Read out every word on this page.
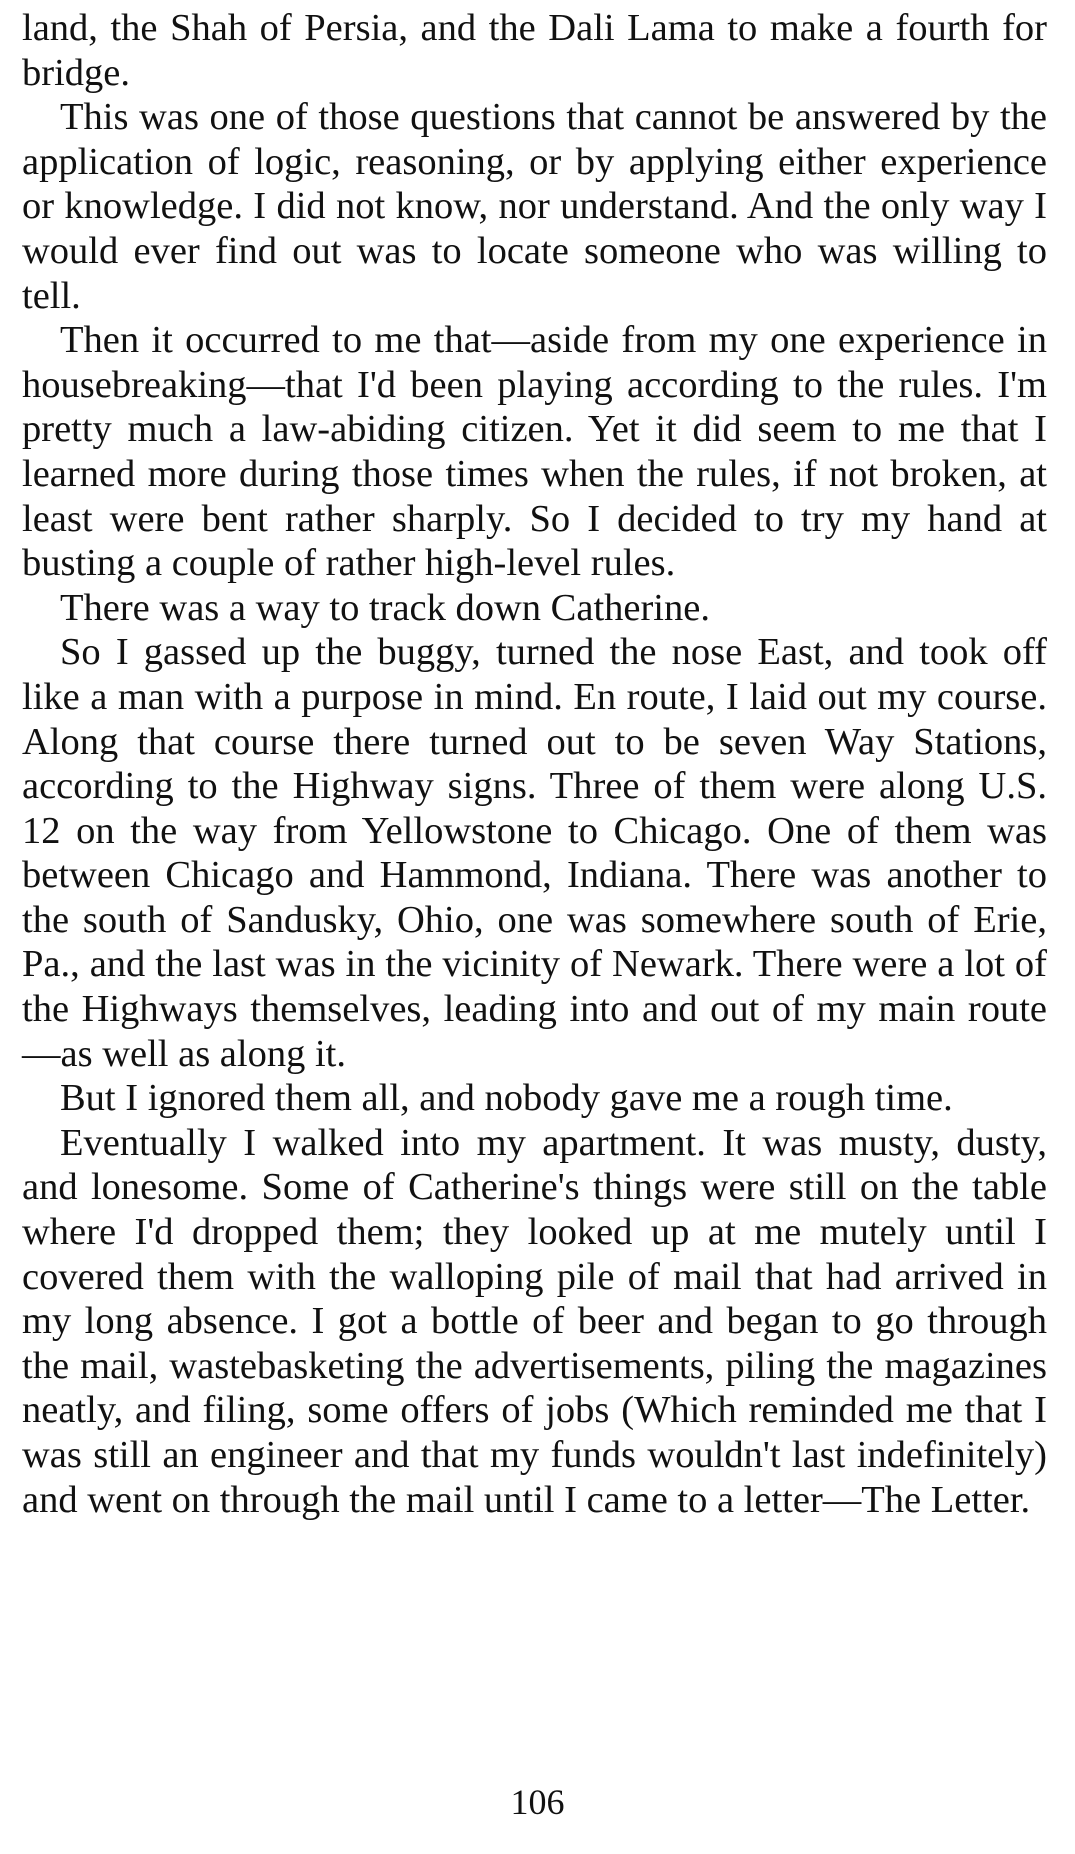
land, the Shah of Persia, and the Dali Lama to make a fourth for bridge.

This was one of those questions that cannot be answered by the application of logic, reasoning, or by applying either experience or knowledge. I did not know, nor understand. And the only way I would ever find out was to locate someone who was willing to tell.

Then it occurred to me that—aside from my one experience in housebreaking—that I'd been playing according to the rules. I'm pretty much a law-abiding citizen. Yet it did seem to me that I learned more during those times when the rules, if not broken, at least were bent rather sharply. So I decided to try my hand at busting a couple of rather high-level rules.

There was a way to track down Catherine.

So I gassed up the buggy, turned the nose East, and took off like a man with a purpose in mind. En route, I laid out my course. Along that course there turned out to be seven Way Stations, according to the Highway signs. Three of them were along U.S. 12 on the way from Yellowstone to Chicago. One of them was between Chicago and Hammond, Indiana. There was another to the south of Sandusky, Ohio, one was somewhere south of Erie, Pa., and the last was in the vicinity of Newark. There were a lot of the Highways themselves, leading into and out of my main route—as well as along it.

But I ignored them all, and nobody gave me a rough time.

Eventually I walked into my apartment. It was musty, dusty, and lonesome. Some of Catherine's things were still on the table where I'd dropped them; they looked up at me mutely until I covered them with the walloping pile of mail that had arrived in my long absence. I got a bottle of beer and began to go through the mail, wastebasketing the advertisements, piling the magazines neatly, and filing, some offers of jobs (Which reminded me that I was still an engineer and that my funds wouldn't last indefinitely) and went on through the mail until I came to a letter—The Letter.

106
